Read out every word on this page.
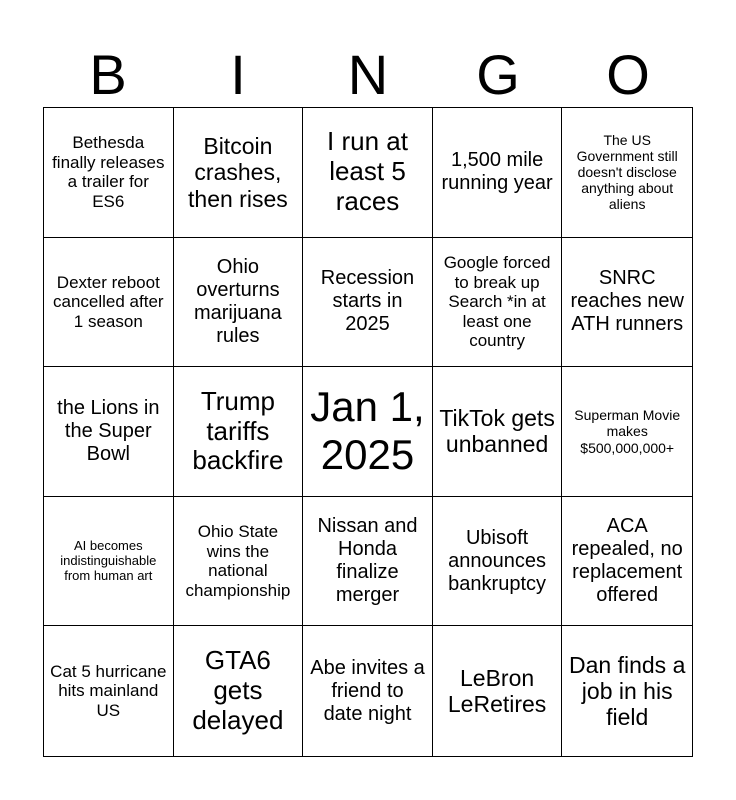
B	I	N	G	O
Bethesda finally releases a trailer for ES6
Bitcoin crashes, then rises
I run at least 5 races
1,500 mile running year
The US Government still doesn't disclose anything about aliens
Dexter reboot cancelled after 1 season
Ohio overturns marijuana rules
Recession starts in 2025
Google forced to break up Search *in at least one country
SNRC reaches new ATH runners
the Lions in the Super Bowl
Trump tariffs backfire
Jan 1, 2025
TikTok gets unbanned
Superman Movie makes $500,000,000+
AI becomes indistinguishable from human art
Ohio State wins the national championship
Nissan and Honda finalize merger
Ubisoft announces bankruptcy
ACA repealed, no replacement offered
Cat 5 hurricane hits mainland US
GTA6 gets delayed
Abe invites a friend to date night
LeBron LeRetires
Dan finds a job in his field
